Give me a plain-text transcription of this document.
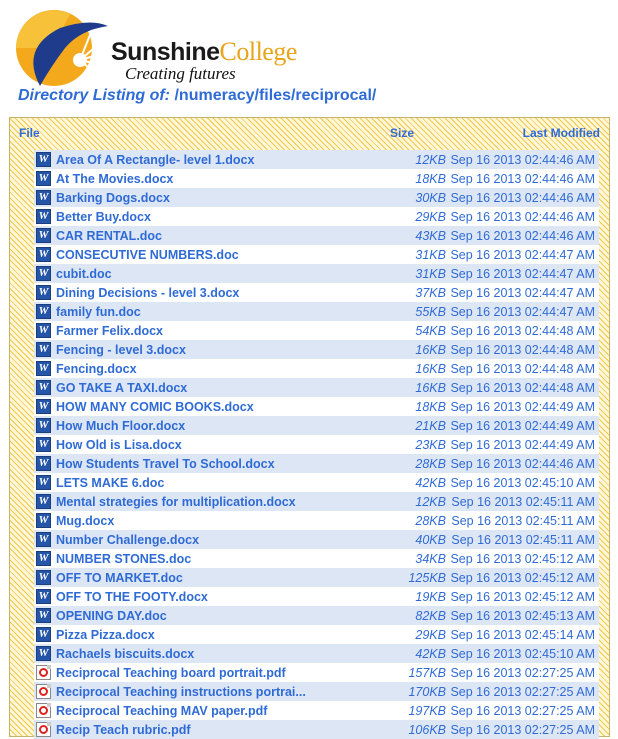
SunshineCollege
Creating futures
Directory Listing of: /numeracy/files/reciprocal/
File	Size	Last Modified
W Area Of A Rectangle- level 1.docx	12KB Sep 16 2013 02:44:46 AM
W At The Movies.docx	18KB Sep 16 2013 02:44:46 AM
W Barking Dogs.docx	30KB Sep 16 2013 02:44:46 AM
W Better Buy.docx	29KB Sep 16 2013 02:44:46 AM
W CAR RENTAL.doc	43KB Sep 16 2013 02:44:46 AM
W CONSECUTIVE NUMBERS.doc	31KB Sep 16 2013 02:44:47 AM
W cubit.doc	31KB Sep 16 2013 02:44:47 AM
W Dining Decisions - level 3.docx	37KB Sep 16 2013 02:44:47 AM
W family fun.doc	55KB Sep 16 2013 02:44:47 AM
W Farmer Felix.docx	54KB Sep 16 2013 02:44:48 AM
W Fencing - level 3.docx	16KB Sep 16 2013 02:44:48 AM
W Fencing.docx	16KB Sep 16 2013 02:44:48 AM
W GO TAKE A TAXI.docx	16KB Sep 16 2013 02:44:48 AM
W HOW MANY COMIC BOOKS.docx	18KB Sep 16 2013 02:44:49 AM
W How Much Floor.docx	21KB Sep 16 2013 02:44:49 AM
W How Old is Lisa.docx	23KB Sep 16 2013 02:44:49 AM
W How Students Travel To School.docx	28KB Sep 16 2013 02:44:46 AM
W LETS MAKE 6.doc	42KB Sep 16 2013 02:45:10 AM
W Mental strategies for multiplication.docx	12KB Sep 16 2013 02:45:11 AM
W Mug.docx	28KB Sep 16 2013 02:45:11 AM
W Number Challenge.docx	40KB Sep 16 2013 02:45:11 AM
W NUMBER STONES.doc	34KB Sep 16 2013 02:45:12 AM
W OFF TO MARKET.doc	125KB Sep 16 2013 02:45:12 AM
W OFF TO THE FOOTY.docx	19KB Sep 16 2013 02:45:12 AM
W OPENING DAY.doc	82KB Sep 16 2013 02:45:13 AM
W Pizza Pizza.docx	29KB Sep 16 2013 02:45:14 AM
W Rachaels biscuits.docx	42KB Sep 16 2013 02:45:10 AM
Reciprocal Teaching board portrait.pdf	157KB Sep 16 2013 02:27:25 AM
Reciprocal Teaching instructions portrai...	170KB Sep 16 2013 02:27:25 AM
Reciprocal Teaching MAV paper.pdf	197KB Sep 16 2013 02:27:25 AM
Recip Teach rubric.pdf	106KB Sep 16 2013 02:27:25 AM
